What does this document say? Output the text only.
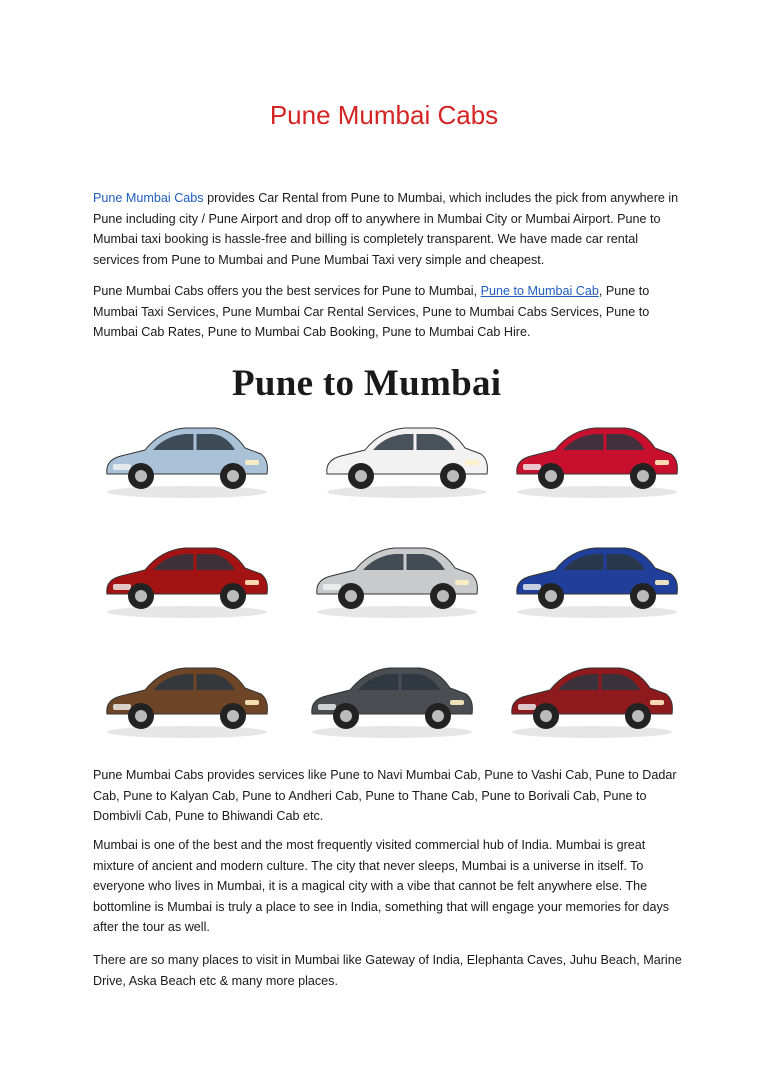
Pune Mumbai Cabs

Pune Mumbai Cabs provides Car Rental from Pune to Mumbai, which includes the pick from anywhere in Pune including city / Pune Airport and drop off to anywhere in Mumbai City or Mumbai Airport. Pune to Mumbai taxi booking is hassle-free and billing is completely transparent. We have made car rental services from Pune to Mumbai and Pune Mumbai Taxi very simple and cheapest.

Pune Mumbai Cabs offers you the best services for Pune to Mumbai, Pune to Mumbai Cab, Pune to Mumbai Taxi Services, Pune Mumbai Car Rental Services, Pune to Mumbai Cabs Services, Pune to Mumbai Cab Rates, Pune to Mumbai Cab Booking, Pune to Mumbai Cab Hire.

Pune to Mumbai

Pune Mumbai Cabs provides services like Pune to Navi Mumbai Cab, Pune to Vashi Cab, Pune to Dadar Cab, Pune to Kalyan Cab, Pune to Andheri Cab, Pune to Thane Cab, Pune to Borivali Cab, Pune to Dombivli Cab, Pune to Bhiwandi Cab etc.

Mumbai is one of the best and the most frequently visited commercial hub of India. Mumbai is great mixture of ancient and modern culture. The city that never sleeps, Mumbai is a universe in itself. To everyone who lives in Mumbai, it is a magical city with a vibe that cannot be felt anywhere else. The bottomline is Mumbai is truly a place to see in India, something that will engage your memories for days after the tour as well.

There are so many places to visit in Mumbai like Gateway of India, Elephanta Caves, Juhu Beach, Marine Drive, Aska Beach etc & many more places.
